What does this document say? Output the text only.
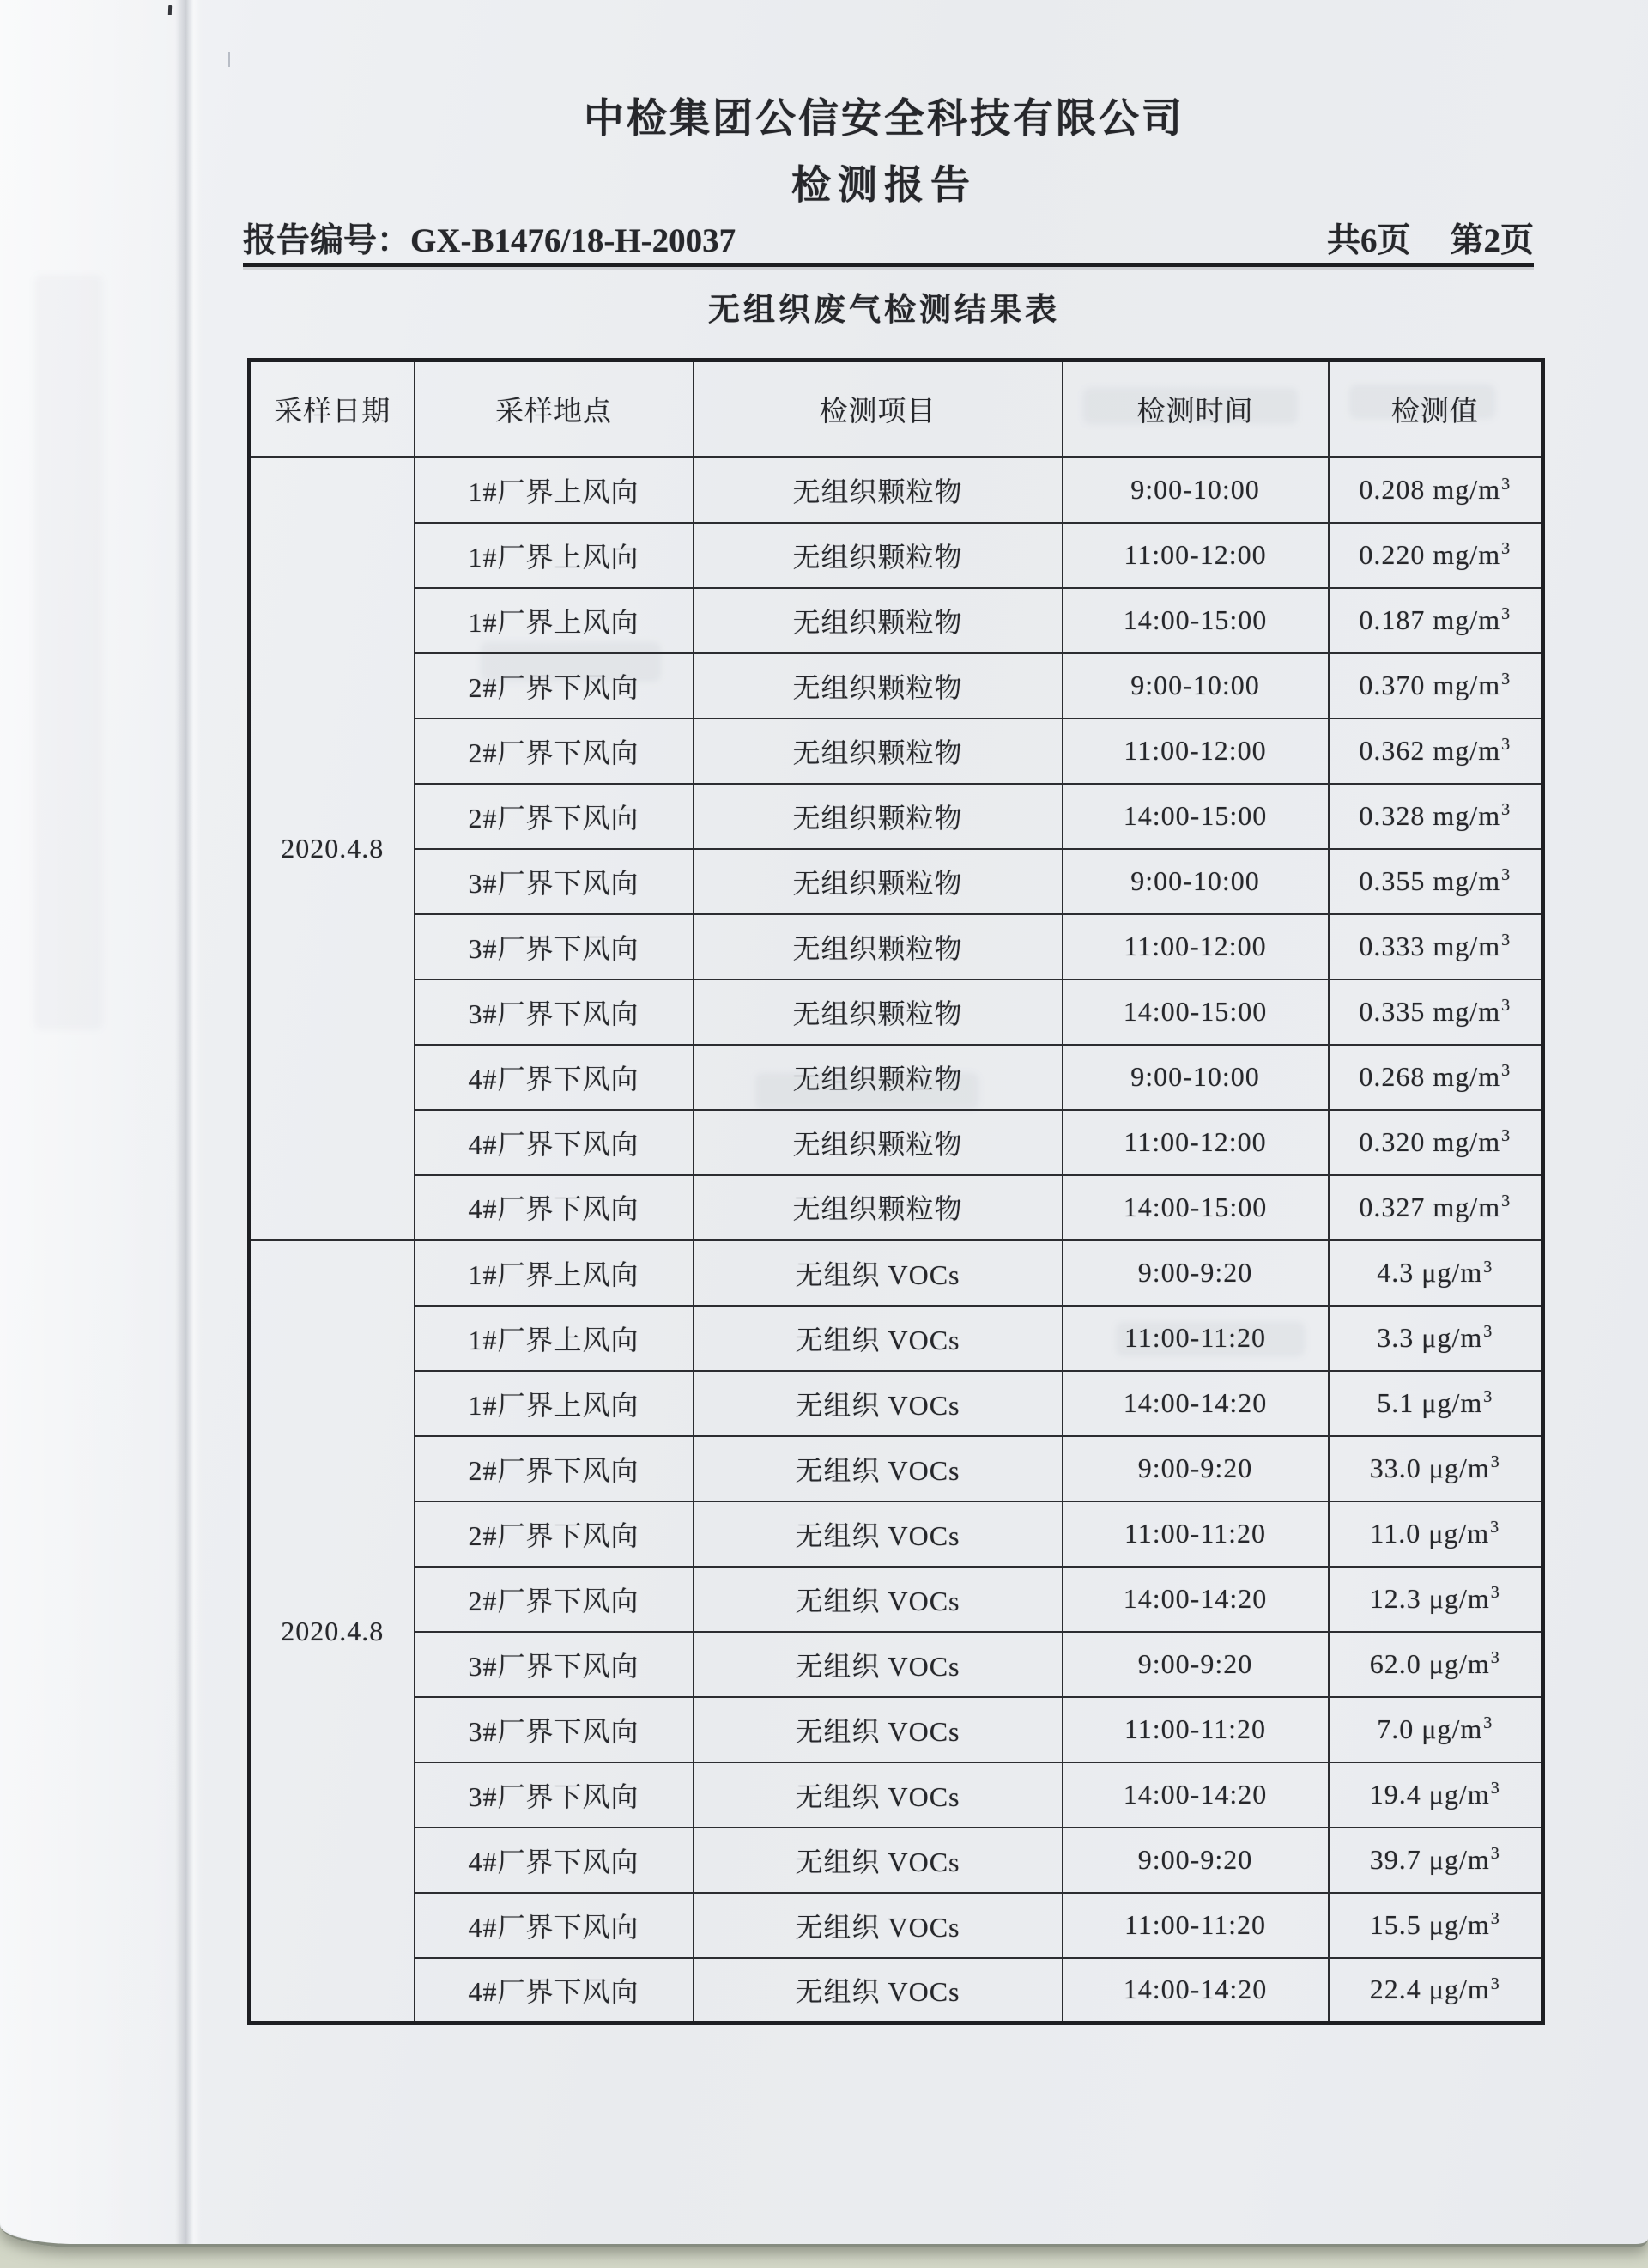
中检集团公信安全科技有限公司
检测报告
报告编号：GX-B1476/18-H-20037	共6页 第2页
无组织废气检测结果表
采样日期	采样地点	检测项目	检测时间	检测值
2020.4.8	1#厂界上风向	无组织颗粒物	9:00-10:00	0.208 $mg/m^3$
	1#厂界上风向	无组织颗粒物	11:00-12:00	0.220 $mg/m^3$
	1#厂界上风向	无组织颗粒物	14:00-15:00	0.187 $mg/m^3$
	2#厂界下风向	无组织颗粒物	9:00-10:00	0.370 $mg/m^3$
	2#厂界下风向	无组织颗粒物	11:00-12:00	0.362 $mg/m^3$
	2#厂界下风向	无组织颗粒物	14:00-15:00	0.328 $mg/m^3$
	3#厂界下风向	无组织颗粒物	9:00-10:00	0.355 $mg/m^3$
	3#厂界下风向	无组织颗粒物	11:00-12:00	0.333 $mg/m^3$
	3#厂界下风向	无组织颗粒物	14:00-15:00	0.335 $mg/m^3$
	4#厂界下风向	无组织颗粒物	9:00-10:00	0.268 $mg/m^3$
	4#厂界下风向	无组织颗粒物	11:00-12:00	0.320 $mg/m^3$
	4#厂界下风向	无组织颗粒物	14:00-15:00	0.327 $mg/m^3$
2020.4.8	1#厂界上风向	无组织 VOCs	9:00-9:20	4.3 $\mu g/m^3$
	1#厂界上风向	无组织 VOCs	11:00-11:20	3.3 $\mu g/m^3$
	1#厂界上风向	无组织 VOCs	14:00-14:20	5.1 $\mu g/m^3$
	2#厂界下风向	无组织 VOCs	9:00-9:20	33.0 $\mu g/m^3$
	2#厂界下风向	无组织 VOCs	11:00-11:20	11.0 $\mu g/m^3$
	2#厂界下风向	无组织 VOCs	14:00-14:20	12.3 $\mu g/m^3$
	3#厂界下风向	无组织 VOCs	9:00-9:20	62.0 $\mu g/m^3$
	3#厂界下风向	无组织 VOCs	11:00-11:20	7.0 $\mu g/m^3$
	3#厂界下风向	无组织 VOCs	14:00-14:20	19.4 $\mu g/m^3$
	4#厂界下风向	无组织 VOCs	9:00-9:20	39.7 $\mu g/m^3$
	4#厂界下风向	无组织 VOCs	11:00-11:20	15.5 $\mu g/m^3$
	4#厂界下风向	无组织 VOCs	14:00-14:20	22.4 $\mu g/m^3$
